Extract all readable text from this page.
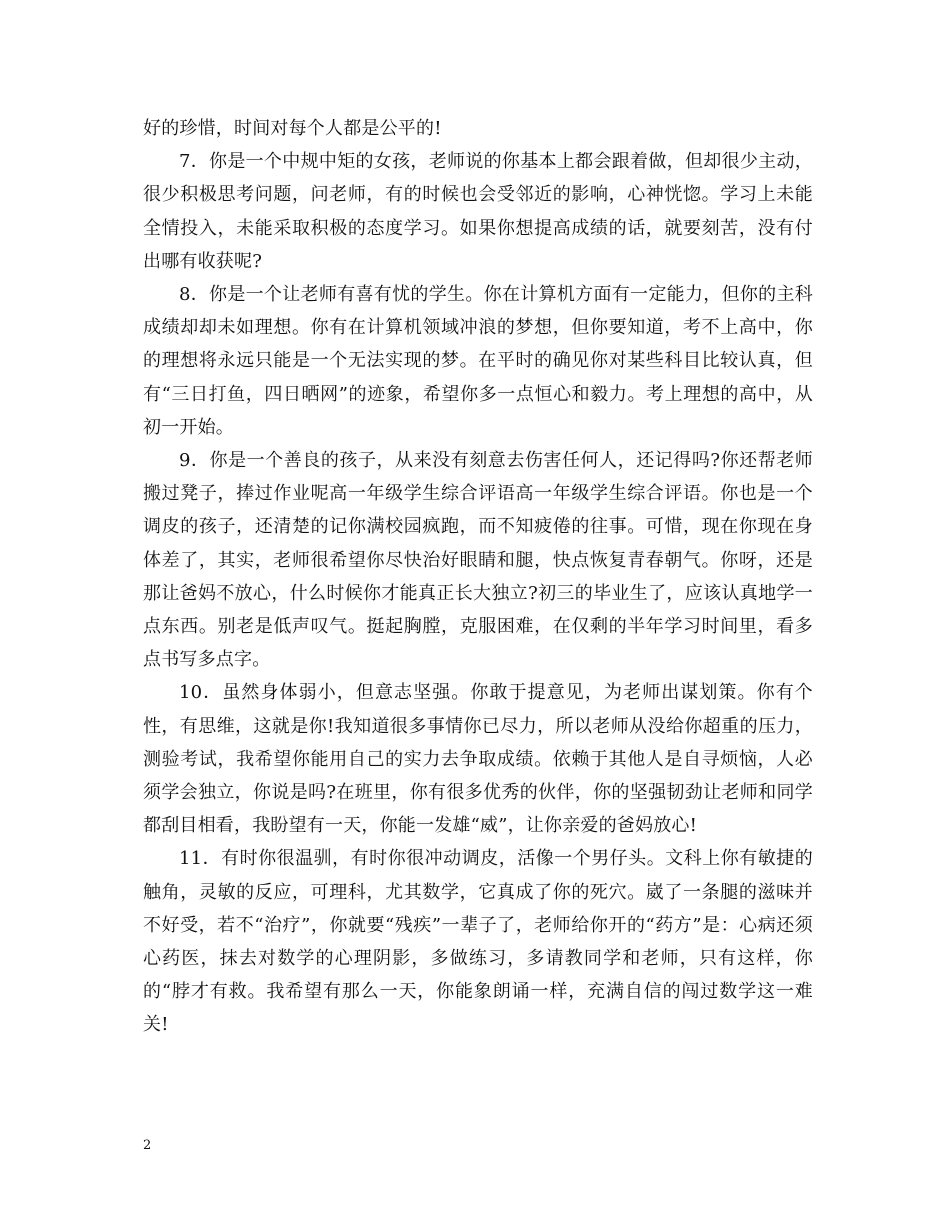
好的珍惜，时间对每个人都是公平的!

7．你是一个中规中矩的女孩，老师说的你基本上都会跟着做，但却很少主动，很少积极思考问题，问老师，有的时候也会受邻近的影响，心神恍惚。学习上未能全情投入，未能采取积极的态度学习。如果你想提高成绩的话，就要刻苦，没有付出哪有收获呢?

8．你是一个让老师有喜有忧的学生。你在计算机方面有一定能力，但你的主科成绩却却未如理想。你有在计算机领域冲浪的梦想，但你要知道，考不上高中，你的理想将永远只能是一个无法实现的梦。在平时的确见你对某些科目比较认真，但有“三日打鱼，四日晒网”的迹象，希望你多一点恒心和毅力。考上理想的高中，从初一开始。

9．你是一个善良的孩子，从来没有刻意去伤害任何人，还记得吗?你还帮老师搬过凳子，捧过作业呢高一年级学生综合评语高一年级学生综合评语。你也是一个调皮的孩子，还清楚的记你满校园疯跑，而不知疲倦的往事。可惜，现在你现在身体差了，其实，老师很希望你尽快治好眼睛和腿，快点恢复青春朝气。你呀，还是那让爸妈不放心，什么时候你才能真正长大独立?初三的毕业生了，应该认真地学一点东西。别老是低声叹气。挺起胸膛，克服困难，在仅剩的半年学习时间里，看多点书写多点字。

10．虽然身体弱小，但意志坚强。你敢于提意见，为老师出谋划策。你有个性，有思维，这就是你!我知道很多事情你已尽力，所以老师从没给你超重的压力，测验考试，我希望你能用自己的实力去争取成绩。依赖于其他人是自寻烦恼，人必须学会独立，你说是吗?在班里，你有很多优秀的伙伴，你的坚强韧劲让老师和同学都刮目相看，我盼望有一天，你能一发雄“威”，让你亲爱的爸妈放心!

11．有时你很温驯，有时你很冲动调皮，活像一个男仔头。文科上你有敏捷的触角，灵敏的反应，可理科，尤其数学，它真成了你的死穴。崴了一条腿的滋味并不好受，若不“治疗”，你就要“残疾”一辈子了，老师给你开的“药方”是：心病还须心药医，抹去对数学的心理阴影，多做练习，多请教同学和老师，只有这样，你的“脖才有救。我希望有那么一天，你能象朗诵一样，充满自信的闯过数学这一难关!

2
